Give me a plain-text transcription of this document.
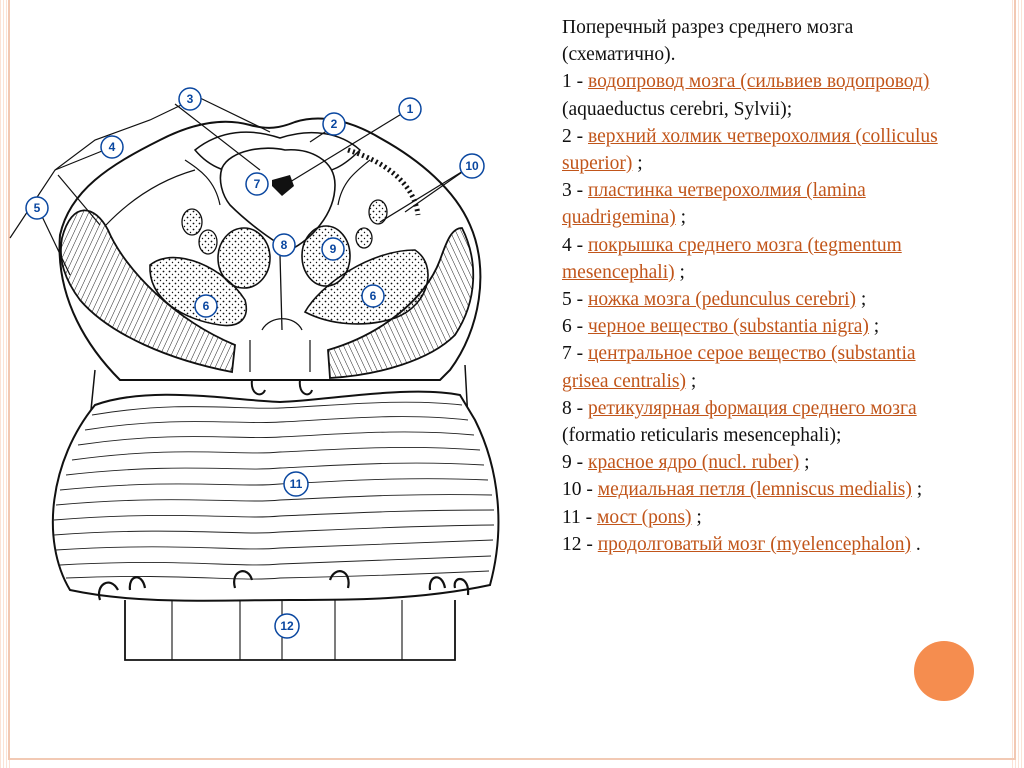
3
1
2
4
10
5
7
8	9
6
6
11
12

Поперечный разрез среднего мозга (схематично).

1 - водопровод мозга (сильвиев водопровод) (aquaeductus cerebri, Sylvii);

2 - верхний холмик четверохолмия (colliculus superior) ;

3 - пластинка четверохолмия (lamina quadrigemina) ;

4 - покрышка среднего мозга (tegmentum mesencephali) ;

5 - ножка мозга (pedunculus cerebri) ;

6 - черное вещество (substantia nigra) ;

7 - центральное серое вещество (substantia grisea centralis) ;

8 - ретикулярная формация среднего мозга (formatio reticularis mesencephali);

9 - красное ядро (nucl. ruber) ;

10 - медиальная петля (lemniscus medialis) ;

11 - мост (pons) ;

12 - продолговатый мозг (myelencephalon) .
